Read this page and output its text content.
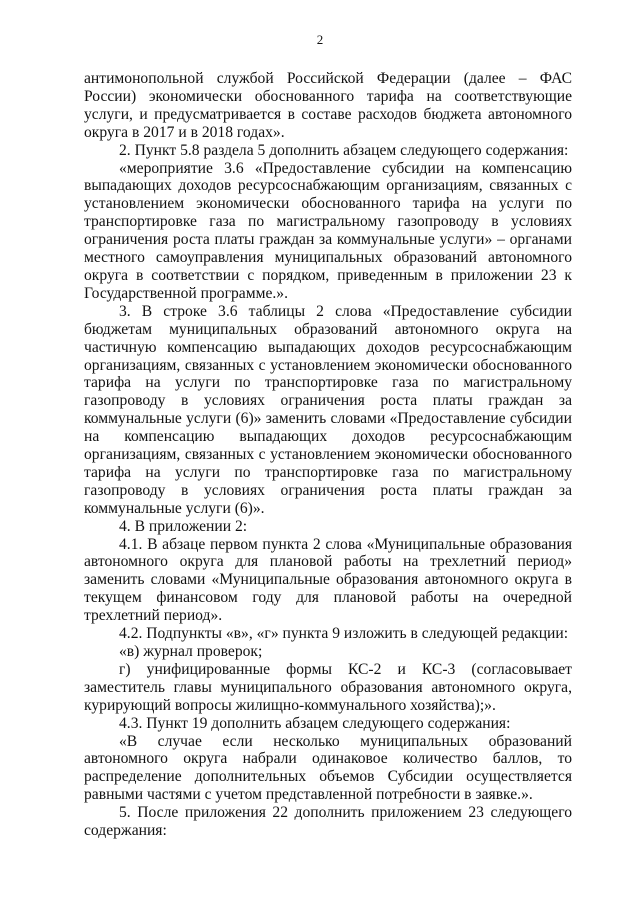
2

антимонопольной службой Российской Федерации (далее – ФАС России) экономически обоснованного тарифа на соответствующие услуги, и предусматривается в составе расходов бюджета автономного округа в 2017 и в 2018 годах».

2. Пункт 5.8 раздела 5 дополнить абзацем следующего содержания:

«мероприятие 3.6 «Предоставление субсидии на компенсацию выпадающих доходов ресурсоснабжающим организациям, связанных с установлением экономически обоснованного тарифа на услуги по транспортировке газа по магистральному газопроводу в условиях ограничения роста платы граждан за коммунальные услуги» – органами местного самоуправления муниципальных образований автономного округа в соответствии с порядком, приведенным в приложении 23 к Государственной программе.».

3. В строке 3.6 таблицы 2 слова «Предоставление субсидии бюджетам муниципальных образований автономного округа на частичную компенсацию выпадающих доходов ресурсоснабжающим организациям, связанных с установлением экономически обоснованного тарифа на услуги по транспортировке газа по магистральному газопроводу в условиях ограничения роста платы граждан за коммунальные услуги (6)» заменить словами «Предоставление субсидии на компенсацию выпадающих доходов ресурсоснабжающим организациям, связанных с установлением экономически обоснованного тарифа на услуги по транспортировке газа по магистральному газопроводу в условиях ограничения роста платы граждан за коммунальные услуги (6)».

4. В приложении 2:

4.1. В абзаце первом пункта 2 слова «Муниципальные образования автономного округа для плановой работы на трехлетний период» заменить словами «Муниципальные образования автономного округа в текущем финансовом году для плановой работы на очередной трехлетний период».

4.2. Подпункты «в», «г» пункта 9 изложить в следующей редакции:

«в) журнал проверок;

г) унифицированные формы КС-2 и КС-3 (согласовывает заместитель главы муниципального образования автономного округа, курирующий вопросы жилищно-коммунального хозяйства);».

4.3. Пункт 19 дополнить абзацем следующего содержания:

«В случае если несколько муниципальных образований автономного округа набрали одинаковое количество баллов, то распределение дополнительных объемов Субсидии осуществляется равными частями с учетом представленной потребности в заявке.».

5. После приложения 22 дополнить приложением 23 следующего содержания:
